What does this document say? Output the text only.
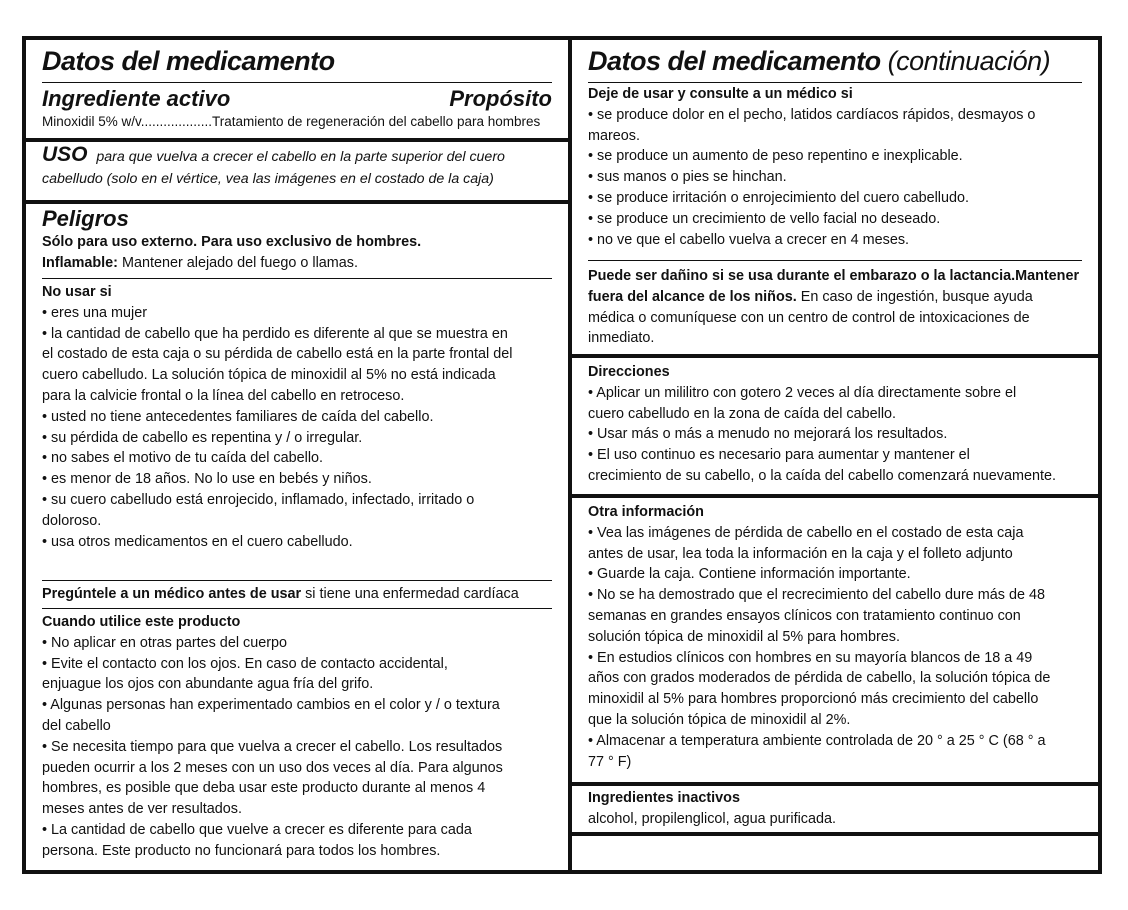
Datos del medicamento
Ingrediente activo	Propósito
Minoxidil 5% w/v...................Tratamiento de regeneración del cabello para hombres
USO para que vuelva a crecer el cabello en la parte superior del cuero
cabelludo (solo en el vértice, vea las imágenes en el costado de la caja)
Peligros
Sólo para uso externo. Para uso exclusivo de hombres.
Inflamable: Mantener alejado del fuego o llamas.
No usar si

• eres una mujer

• la cantidad de cabello que ha perdido es diferente al que se muestra en

el costado de esta caja o su pérdida de cabello está en la parte frontal del

cuero cabelludo. La solución tópica de minoxidil al 5% no está indicada

para la calvicie frontal o la línea del cabello en retroceso.

• usted no tiene antecedentes familiares de caída del cabello.

• su pérdida de cabello es repentina y / o irregular.

• no sabes el motivo de tu caída del cabello.

• es menor de 18 años. No lo use en bebés y niños.

• su cuero cabelludo está enrojecido, inflamado, infectado, irritado o

doloroso.

• usa otros medicamentos en el cuero cabelludo.

Pregúntele a un médico antes de usar si tiene una enfermedad cardíaca
Cuando utilice este producto

• No aplicar en otras partes del cuerpo

• Evite el contacto con los ojos. En caso de contacto accidental,

enjuague los ojos con abundante agua fría del grifo.

• Algunas personas han experimentado cambios en el color y / o textura

del cabello

• Se necesita tiempo para que vuelva a crecer el cabello. Los resultados

pueden ocurrir a los 2 meses con un uso dos veces al día. Para algunos

hombres, es posible que deba usar este producto durante al menos 4

meses antes de ver resultados.

• La cantidad de cabello que vuelve a crecer es diferente para cada

persona. Este producto no funcionará para todos los hombres.

Datos del medicamento (continuación)
Deje de usar y consulte a un médico si

• se produce dolor en el pecho, latidos cardíacos rápidos, desmayos o

mareos.

• se produce un aumento de peso repentino e inexplicable.

• sus manos o pies se hinchan.

• se produce irritación o enrojecimiento del cuero cabelludo.

• se produce un crecimiento de vello facial no deseado.

• no ve que el cabello vuelva a crecer en 4 meses.

Puede ser dañino si se usa durante el embarazo o la lactancia.Mantener

fuera del alcance de los niños. En caso de ingestión, busque ayuda

médica o comuníquese con un centro de control de intoxicaciones de

inmediato.

Direcciones

• Aplicar un mililitro con gotero 2 veces al día directamente sobre el

cuero cabelludo en la zona de caída del cabello.

• Usar más o más a menudo no mejorará los resultados.

• El uso continuo es necesario para aumentar y mantener el

crecimiento de su cabello, o la caída del cabello comenzará nuevamente.

Otra información

• Vea las imágenes de pérdida de cabello en el costado de esta caja

antes de usar, lea toda la información en la caja y el folleto adjunto

• Guarde la caja. Contiene información importante.

• No se ha demostrado que el recrecimiento del cabello dure más de 48

semanas en grandes ensayos clínicos con tratamiento continuo con

solución tópica de minoxidil al 5% para hombres.

• En estudios clínicos con hombres en su mayoría blancos de 18 a 49

años con grados moderados de pérdida de cabello, la solución tópica de

minoxidil al 5% para hombres proporcionó más crecimiento del cabello

que la solución tópica de minoxidil al 2%.

• Almacenar a temperatura ambiente controlada de 20 ° a 25 ° C (68 ° a

77 ° F)

Ingredientes inactivos

alcohol, propilenglicol, agua purificada.
